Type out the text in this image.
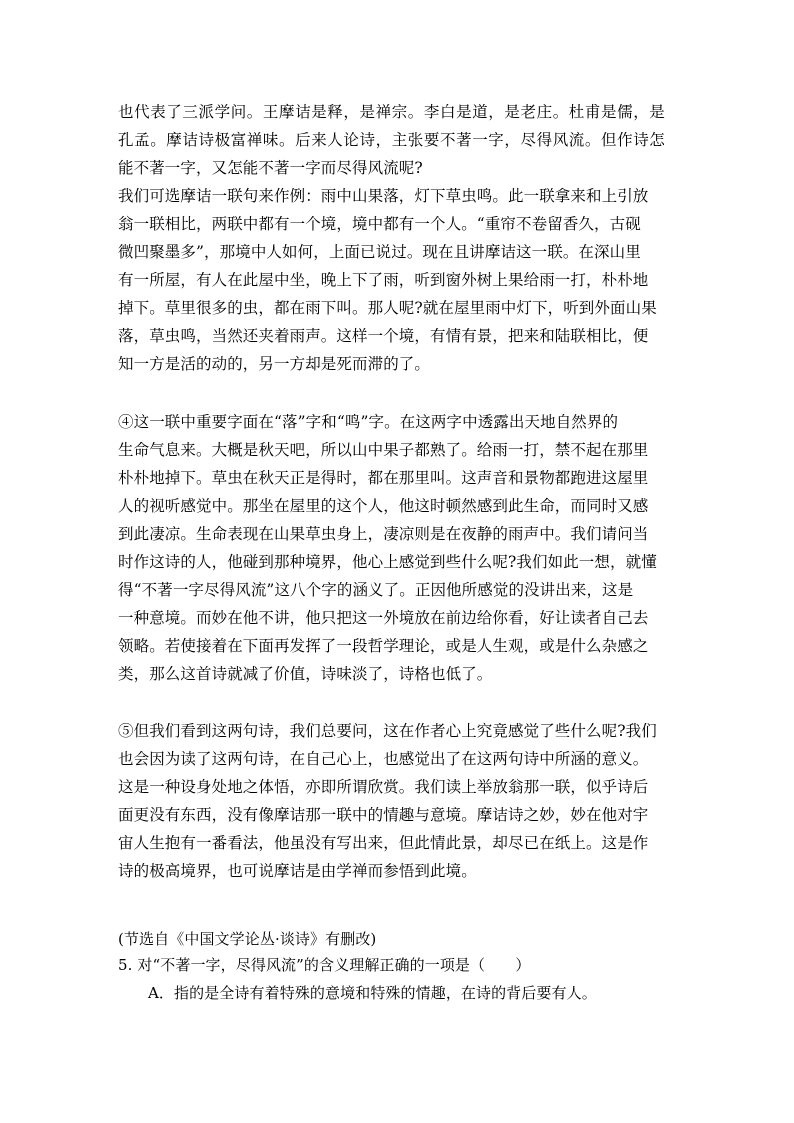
也代表了三派学问。王摩诘是释，是禅宗。李白是道，是老庄。杜甫是儒，是
孔孟。摩诘诗极富禅味。后来人论诗，主张要不著一字，尽得风流。但作诗怎
能不著一字，又怎能不著一字而尽得风流呢?
我们可选摩诘一联句来作例：雨中山果落，灯下草虫鸣。此一联拿来和上引放
翁一联相比，两联中都有一个境，境中都有一个人。“重帘不卷留香久，古砚
微凹聚墨多”，那境中人如何，上面已说过。现在且讲摩诘这一联。在深山里
有一所屋，有人在此屋中坐，晚上下了雨，听到窗外树上果给雨一打，朴朴地
掉下。草里很多的虫，都在雨下叫。那人呢?就在屋里雨中灯下，听到外面山果
落，草虫鸣，当然还夹着雨声。这样一个境，有情有景，把来和陆联相比，便
知一方是活的动的，另一方却是死而滞的了。
④这一联中重要字面在“落”字和“鸣”字。在这两字中透露出天地自然界的
生命气息来。大概是秋天吧，所以山中果子都熟了。给雨一打，禁不起在那里
朴朴地掉下。草虫在秋天正是得时，都在那里叫。这声音和景物都跑进这屋里
人的视听感觉中。那坐在屋里的这个人，他这时顿然感到此生命，而同时又感
到此凄凉。生命表现在山果草虫身上，凄凉则是在夜静的雨声中。我们请问当
时作这诗的人，他碰到那种境界，他心上感觉到些什么呢?我们如此一想，就懂
得“不著一字尽得风流”这八个字的涵义了。正因他所感觉的没讲出来，这是
一种意境。而妙在他不讲，他只把这一外境放在前边给你看，好让读者自己去
领略。若使接着在下面再发挥了一段哲学理论，或是人生观，或是什么杂感之
类，那么这首诗就减了价值，诗味淡了，诗格也低了。
⑤但我们看到这两句诗，我们总要问，这在作者心上究竟感觉了些什么呢?我们
也会因为读了这两句诗，在自己心上，也感觉出了在这两句诗中所涵的意义。
这是一种设身处地之体悟，亦即所谓欣赏。我们读上举放翁那一联，似乎诗后
面更没有东西，没有像摩诘那一联中的情趣与意境。摩诘诗之妙，妙在他对宇
宙人生抱有一番看法，他虽没有写出来，但此情此景，却尽已在纸上。这是作
诗的极高境界，也可说摩诘是由学禅而参悟到此境。
(节选自《中国文学论丛·谈诗》有删改)
5. 对“不著一字，尽得风流”的含义理解正确的一项是（　　）
A．指的是全诗有着特殊的意境和特殊的情趣，在诗的背后要有人。
